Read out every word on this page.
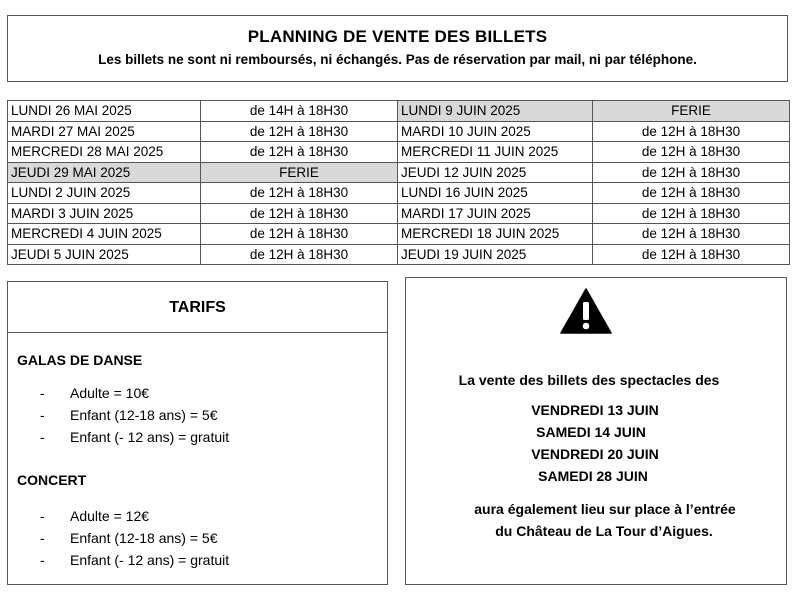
PLANNING DE VENTE DES BILLETS
Les billets ne sont ni remboursés, ni échangés. Pas de réservation par mail, ni par téléphone.
LUNDI 26 MAI 2025	de 14H à 18H30	LUNDI 9 JUIN 2025	FERIE
MARDI 27 MAI 2025	de 12H à 18H30	MARDI 10 JUIN 2025	de 12H à 18H30
MERCREDI 28 MAI 2025	de 12H à 18H30	MERCREDI 11 JUIN 2025	de 12H à 18H30
JEUDI 29 MAI 2025	FERIE	JEUDI 12 JUIN 2025	de 12H à 18H30
LUNDI 2 JUIN 2025	de 12H à 18H30	LUNDI 16 JUIN 2025	de 12H à 18H30
MARDI 3 JUIN 2025	de 12H à 18H30	MARDI 17 JUIN 2025	de 12H à 18H30
MERCREDI 4 JUIN 2025	de 12H à 18H30	MERCREDI 18 JUIN 2025	de 12H à 18H30
JEUDI 5 JUIN 2025	de 12H à 18H30	JEUDI 19 JUIN 2025	de 12H à 18H30
TARIFS
GALAS DE DANSE
- Adulte = 10€
- Enfant (12-18 ans) = 5€
- Enfant (- 12 ans) = gratuit
CONCERT
- Adulte = 12€
- Enfant (12-18 ans) = 5€
- Enfant (- 12 ans) = gratuit
La vente des billets des spectacles des
VENDREDI 13 JUIN
SAMEDI 14 JUIN
VENDREDI 20 JUIN
SAMEDI 28 JUIN
aura également lieu sur place à l’entrée
du Château de La Tour d’Aigues.
